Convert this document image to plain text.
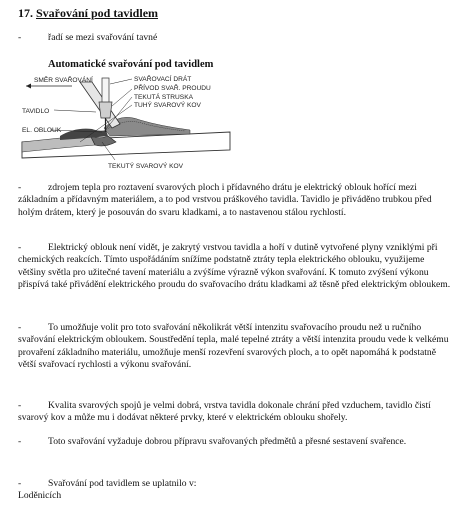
17. Svařování pod tavidlem
-	řadí se mezi svařování tavné
Automatické svařování pod tavidlem
SMĚR SVAŘOVÁNÍ
TAVIDLO
EL. OBLOUK
SVAŘOVACÍ DRÁT
PŘÍVOD SVAŘ. PROUDU
TEKUTÁ STRUSKA
TUHÝ SVAROVÝ KOV
TEKUTÝ SVAROVÝ KOV
-	zdrojem tepla pro roztavení svarových ploch i přídavného drátu je elektrický oblouk hořící mezi základním a přídavným materiálem, a to pod vrstvou práškového tavidla. Tavidlo je přiváděno trubkou před holým drátem, který je posouván do svaru kladkami, a to nastavenou stálou rychlostí.
-	Elektrický oblouk není vidět, je zakrytý vrstvou tavidla a hoří v dutině vytvořené plyny vzniklými při chemických reakcích. Tímto uspořádáním snížíme podstatně ztráty tepla elektrického oblouku, využijeme většiny světla pro užitečné tavení materiálu a zvýšíme výrazně výkon svařování. K tomuto zvýšení výkonu přispívá také přivádění elektrického proudu do svařovacího drátu kladkami až těsně před elektrickým obloukem.
-	To umožňuje volit pro toto svařování několikrát větší intenzitu svařovacího proudu než u ručního svařování elektrickým obloukem. Soustředění tepla, malé tepelné ztráty a větší intenzita proudu vede k velkému provaření základního materiálu, umožňuje menší rozevření svarových ploch, a to opět napomáhá k podstatně větší svařovací rychlosti a výkonu svařování.
-	Kvalita svarových spojů je velmi dobrá, vrstva tavidla dokonale chrání před vzduchem, tavidlo čistí svarový kov a může mu i dodávat některé prvky, které v elektrickém oblouku shořely.
-	Toto svařování vyžaduje dobrou přípravu svařovaných předmětů a přesné sestavení svařence.
-	Svařování pod tavidlem se uplatnilo v:
Loděnicích
